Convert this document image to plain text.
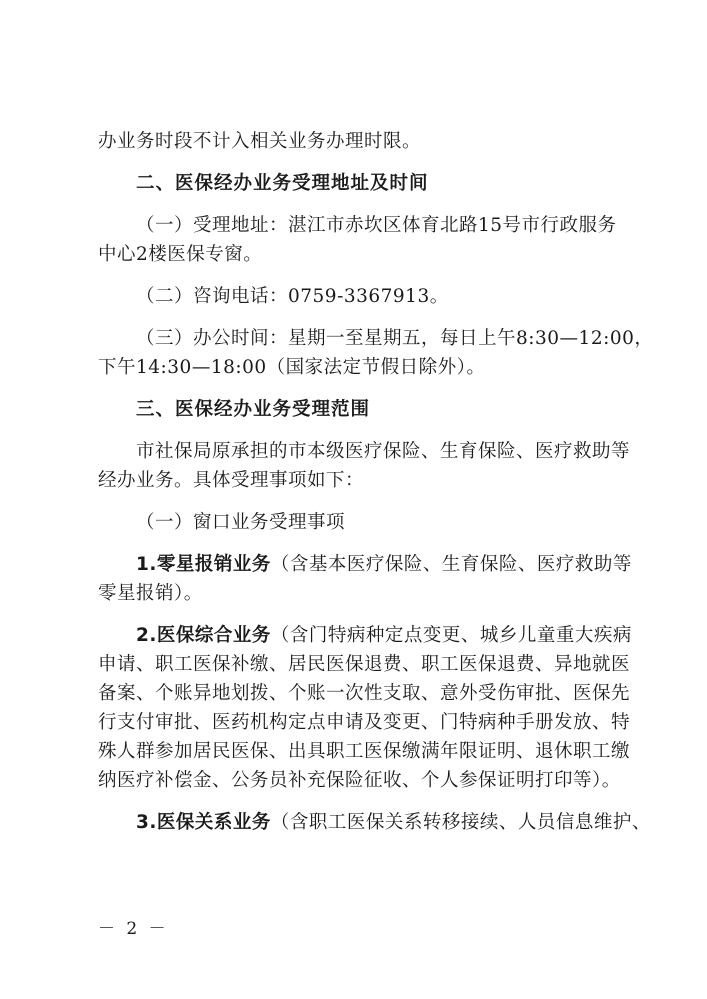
办业务时段不计入相关业务办理时限。
二、医保经办业务受理地址及时间
（一）受理地址：湛江市赤坎区体育北路15号市行政服务
中心2楼医保专窗。
（二）咨询电话：0759-3367913。
（三）办公时间：星期一至星期五，每日上午8:30—12:00，
下午14:30—18:00（国家法定节假日除外）。
三、医保经办业务受理范围
市社保局原承担的市本级医疗保险、生育保险、医疗救助等
经办业务。具体受理事项如下：
（一）窗口业务受理事项
1.零星报销业务（含基本医疗保险、生育保险、医疗救助等
零星报销）。
2.医保综合业务（含门特病种定点变更、城乡儿童重大疾病
申请、职工医保补缴、居民医保退费、职工医保退费、异地就医
备案、个账异地划拨、个账一次性支取、意外受伤审批、医保先
行支付审批、医药机构定点申请及变更、门特病种手册发放、特
殊人群参加居民医保、出具职工医保缴满年限证明、退休职工缴
纳医疗补偿金、公务员补充保险征收、个人参保证明打印等）。
3.医保关系业务（含职工医保关系转移接续、人员信息维护、
－ 2 －
